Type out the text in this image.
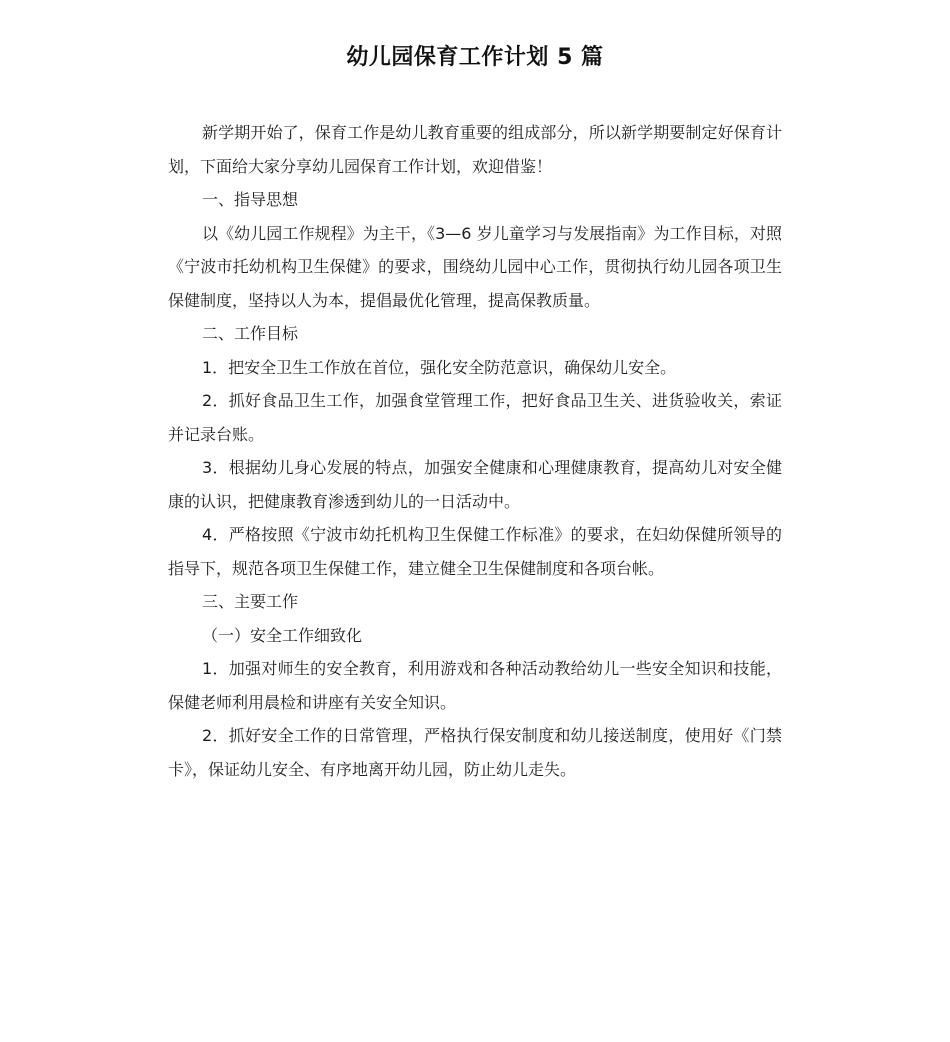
幼儿园保育工作计划 5 篇

新学期开始了，保育工作是幼儿教育重要的组成部分，所以新学期要制定好保育计划，下面给大家分享幼儿园保育工作计划，欢迎借鉴！

一、指导思想

以《幼儿园工作规程》为主干，《3—6 岁儿童学习与发展指南》为工作目标，对照《宁波市托幼机构卫生保健》的要求，围绕幼儿园中心工作，贯彻执行幼儿园各项卫生保健制度，坚持以人为本，提倡最优化管理，提高保教质量。

二、工作目标

1．把安全卫生工作放在首位，强化安全防范意识，确保幼儿安全。

2．抓好食品卫生工作，加强食堂管理工作，把好食品卫生关、进货验收关，索证并记录台账。

3．根据幼儿身心发展的特点，加强安全健康和心理健康教育，提高幼儿对安全健康的认识，把健康教育渗透到幼儿的一日活动中。

4．严格按照《宁波市幼托机构卫生保健工作标准》的要求，在妇幼保健所领导的指导下，规范各项卫生保健工作，建立健全卫生保健制度和各项台帐。

三、主要工作

（一）安全工作细致化

1．加强对师生的安全教育，利用游戏和各种活动教给幼儿一些安全知识和技能，保健老师利用晨检和讲座有关安全知识。

2．抓好安全工作的日常管理，严格执行保安制度和幼儿接送制度，使用好《门禁卡》，保证幼儿安全、有序地离开幼儿园，防止幼儿走失。
